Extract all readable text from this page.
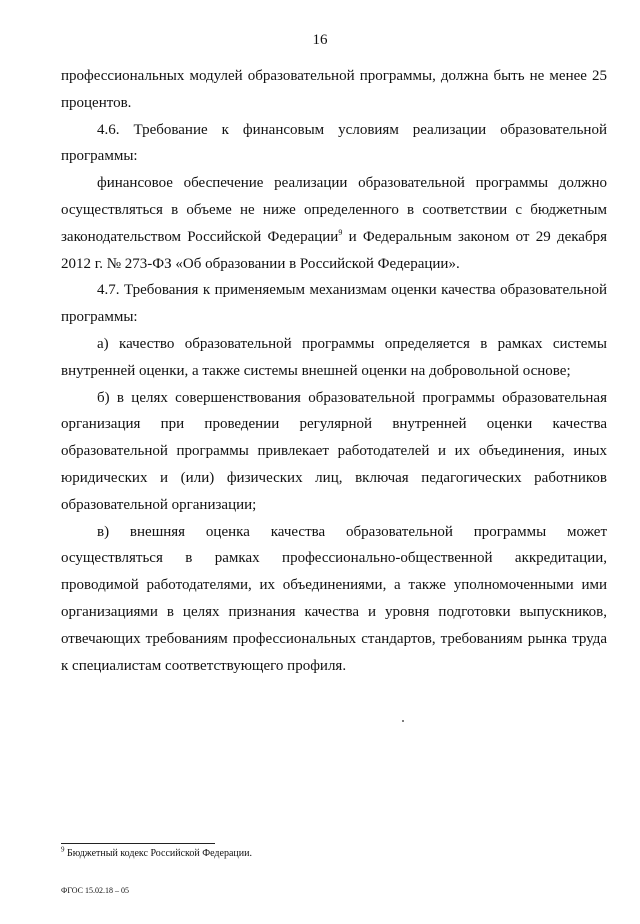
16

профессиональных модулей образовательной программы, должна быть не менее 25 процентов.

4.6. Требование к финансовым условиям реализации образовательной программы:

финансовое обеспечение реализации образовательной программы должно осуществляться в объеме не ниже определенного в соответствии с бюджетным законодательством Российской Федерации$^9$ и Федеральным законом от 29 декабря 2012 г. № 273-ФЗ «Об образовании в Российской Федерации».

4.7. Требования к применяемым механизмам оценки качества образовательной программы:

а) качество образовательной программы определяется в рамках системы внутренней оценки, а также системы внешней оценки на добровольной основе;

б) в целях совершенствования образовательной программы образовательная организация при проведении регулярной внутренней оценки качества образовательной программы привлекает работодателей и их объединения, иных юридических и (или) физических лиц, включая педагогических работников образовательной организации;

в) внешняя оценка качества образовательной программы может осуществляться в рамках профессионально-общественной аккредитации, проводимой работодателями, их объединениями, а также уполномоченными ими организациями в целях признания качества и уровня подготовки выпускников, отвечающих требованиям профессиональных стандартов, требованиям рынка труда к специалистам соответствующего профиля.

$^9$ Бюджетный кодекс Российской Федерации.
ФГОС 15.02.18 – 05
